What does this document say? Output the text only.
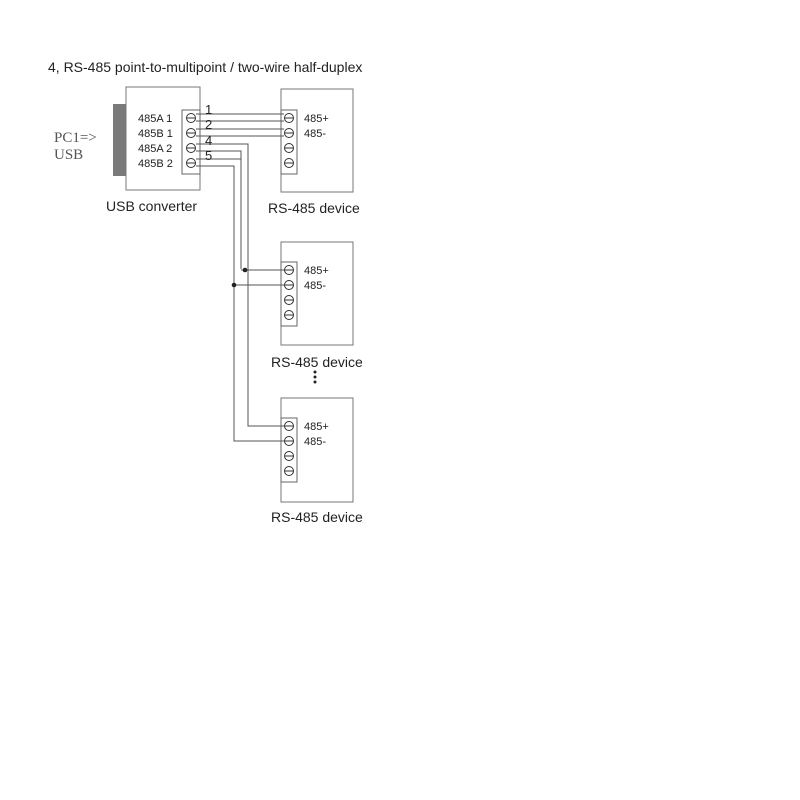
4, RS-485 point-to-multipoint / two-wire half-duplex
PC1=>
USB
485A 1
485B 1
485A 2
485B 2
USB converter
485+
485-
RS-485 device
485+
485-
RS-485 device
485+
485-
RS-485 device
1
2
4
5
